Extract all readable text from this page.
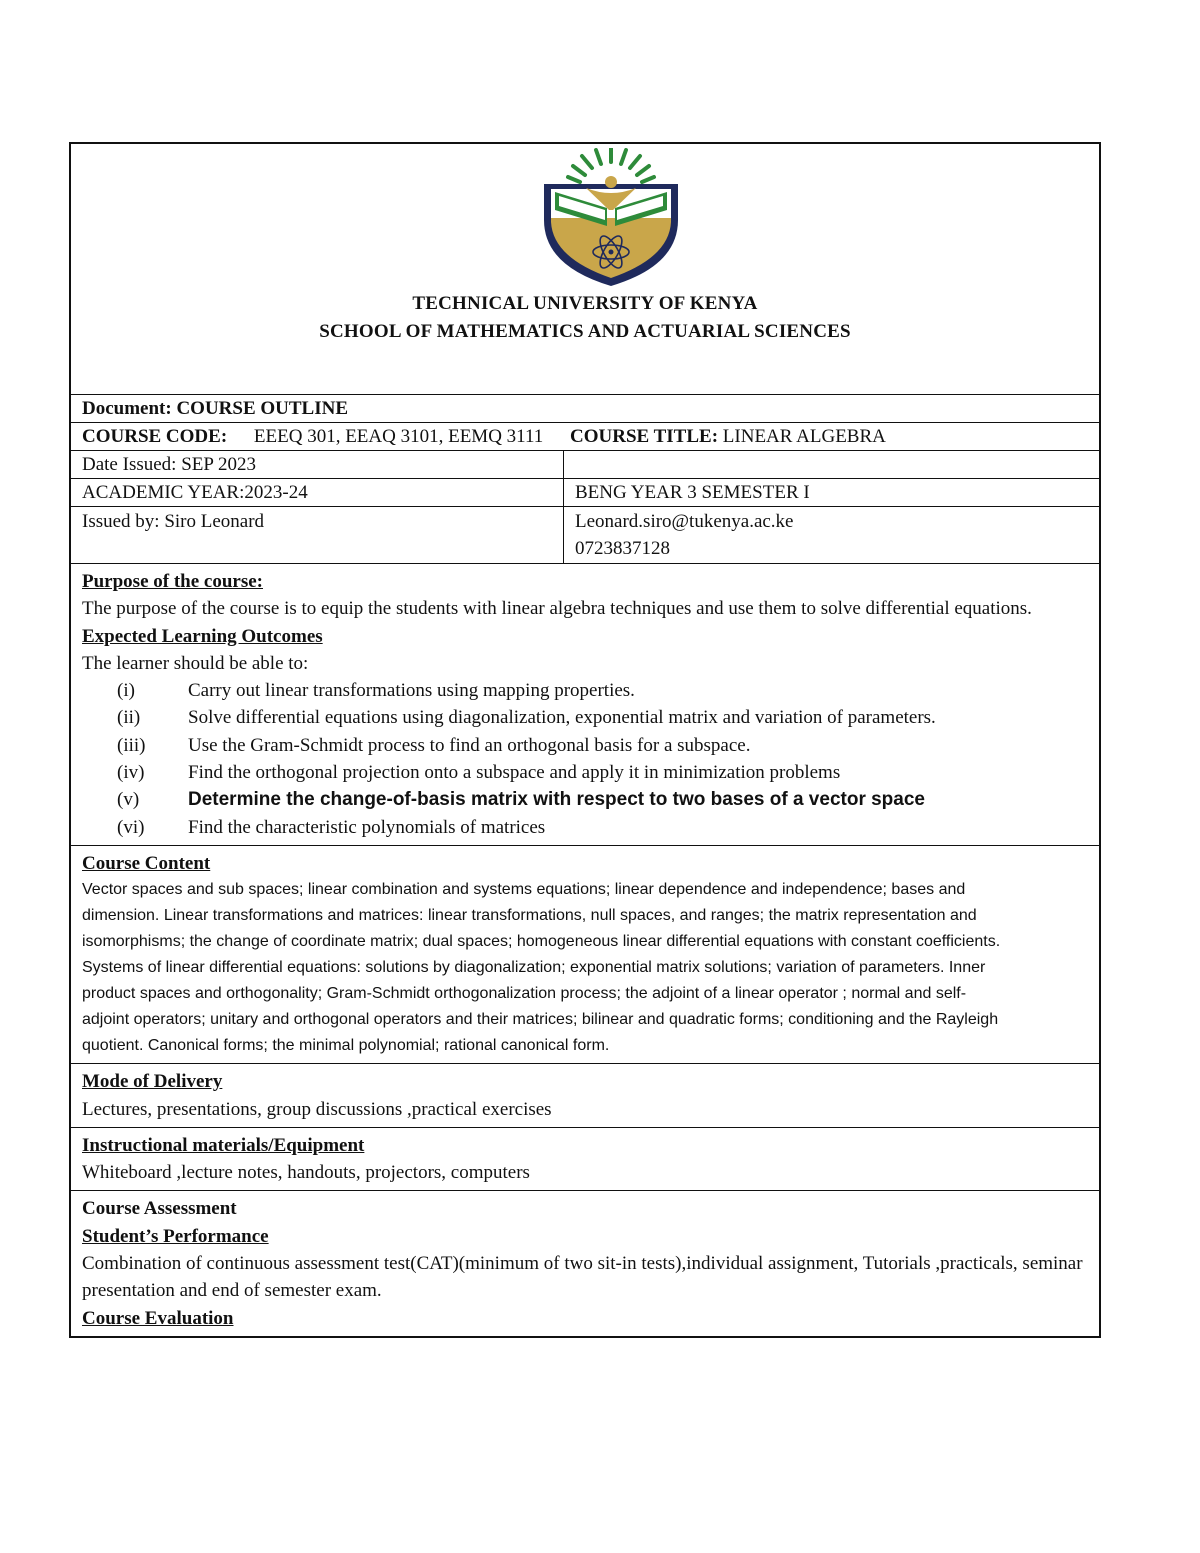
TECHNICAL UNIVERSITY OF KENYA
SCHOOL OF MATHEMATICS AND ACTUARIAL SCIENCES
Document: COURSE OUTLINE
COURSE CODE: EEEQ 301, EEAQ 3101, EEMQ 3111 COURSE TITLE: LINEAR ALGEBRA
Date Issued: SEP 2023
ACADEMIC YEAR:2023-24	BENG YEAR 3 SEMESTER I
Issued by: Siro Leonard	Leonard.siro@tukenya.ac.ke
0723837128
Purpose of the course:
The purpose of the course is to equip the students with linear algebra techniques and use them to solve differential equations.
Expected Learning Outcomes
The learner should be able to:
(i)	Carry out linear transformations using mapping properties.
(ii)	Solve differential equations using diagonalization, exponential matrix and variation of parameters.
(iii)	Use the Gram-Schmidt process to find an orthogonal basis for a subspace.
(iv)	Find the orthogonal projection onto a subspace and apply it in minimization problems
(v)	Determine the change-of-basis matrix with respect to two bases of a vector space
(vi)	Find the characteristic polynomials of matrices
Course Content
Vector spaces and sub spaces; linear combination and systems equations; linear dependence and independence; bases and dimension. Linear transformations and matrices: linear transformations, null spaces, and ranges; the matrix representation and isomorphisms; the change of coordinate matrix; dual spaces; homogeneous linear differential equations with constant coefficients. Systems of linear differential equations: solutions by diagonalization; exponential matrix solutions; variation of parameters. Inner product spaces and orthogonality; Gram-Schmidt orthogonalization process; the adjoint of a linear operator ; normal and self-adjoint operators; unitary and orthogonal operators and their matrices; bilinear and quadratic forms; conditioning and the Rayleigh quotient. Canonical forms; the minimal polynomial; rational canonical form.
Mode of Delivery
Lectures, presentations, group discussions ,practical exercises
Instructional materials/Equipment
Whiteboard ,lecture notes, handouts, projectors, computers
Course Assessment
Student’s Performance
Combination of continuous assessment test(CAT)(minimum of two sit-in tests),individual assignment, Tutorials ,practicals, seminar presentation and end of semester exam.
Course Evaluation
